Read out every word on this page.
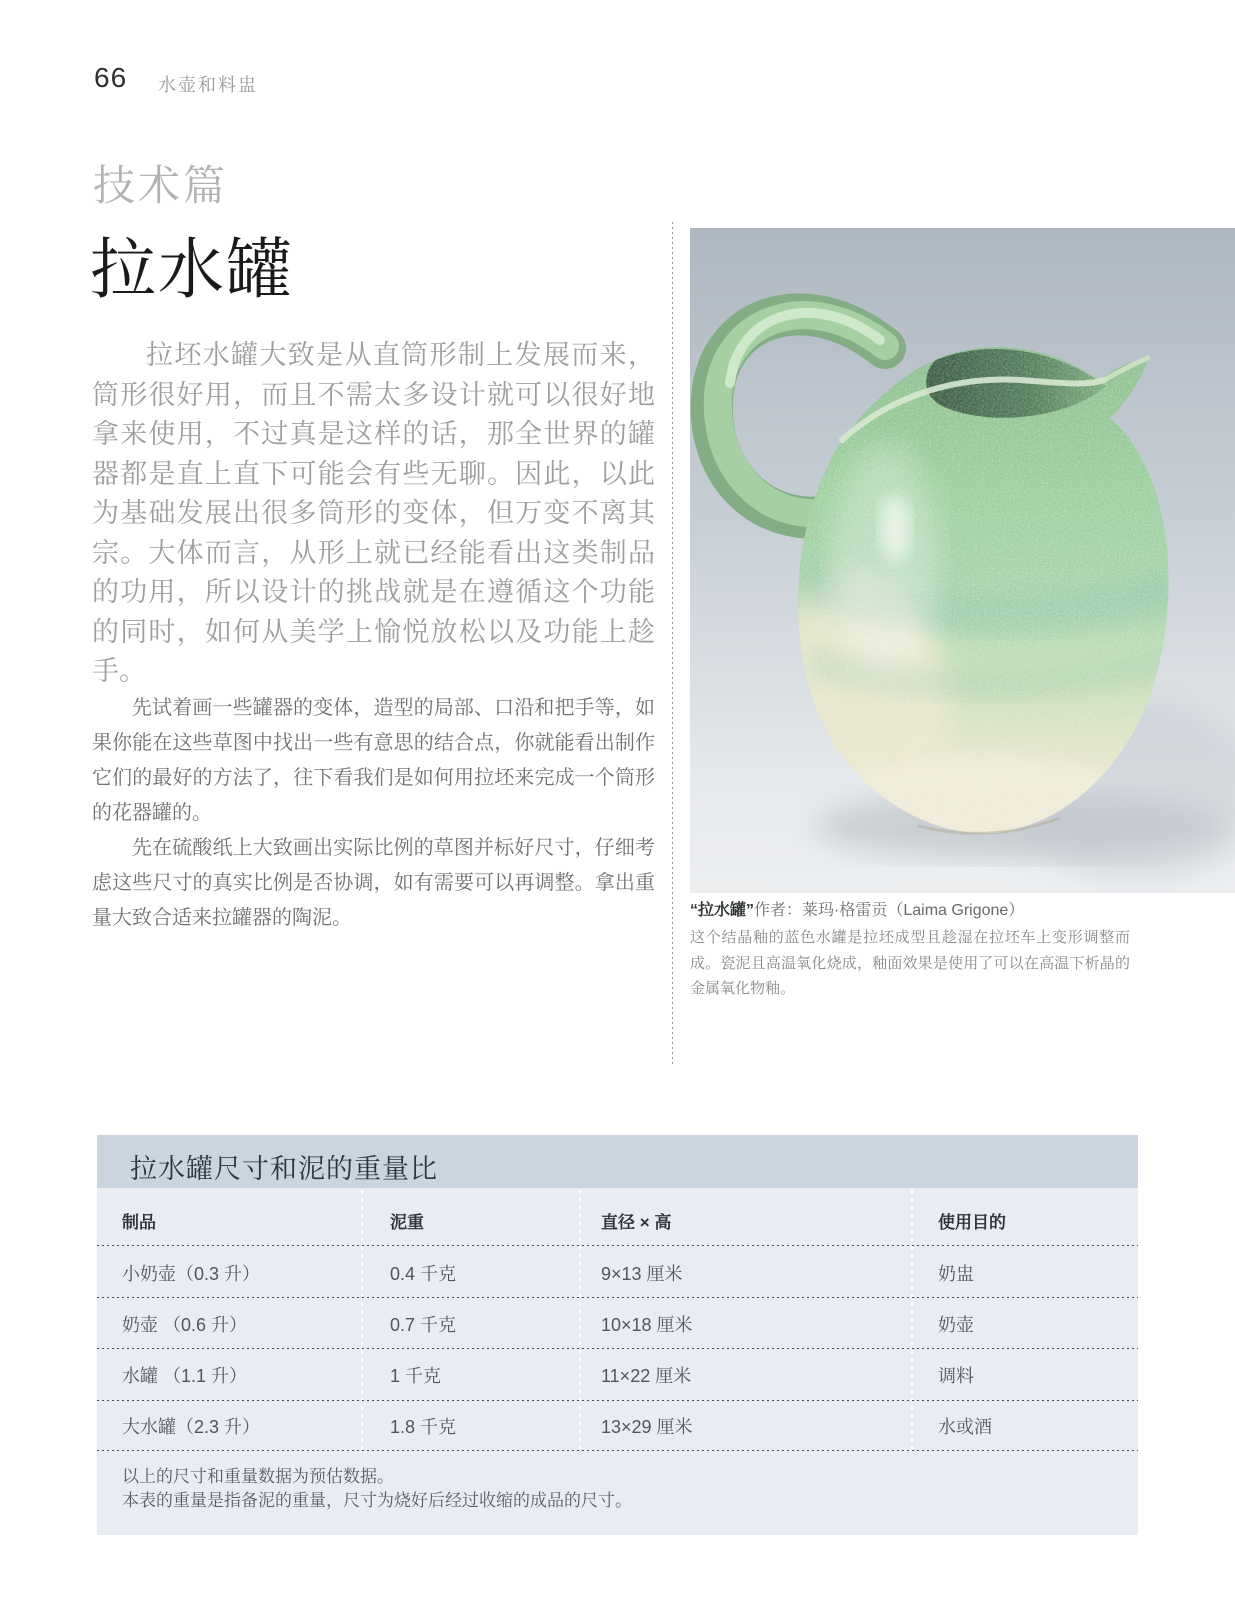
66 水壶和料盅
技术篇
拉水罐
拉坯水罐大致是从直筒形制上发展而来，筒形很好用，而且不需太多设计就可以很好地拿来使用，不过真是这样的话，那全世界的罐器都是直上直下可能会有些无聊。因此，以此为基础发展出很多筒形的变体，但万变不离其宗。大体而言，从形上就已经能看出这类制品的功用，所以设计的挑战就是在遵循这个功能的同时，如何从美学上愉悦放松以及功能上趁手。

先试着画一些罐器的变体，造型的局部、口沿和把手等，如果你能在这些草图中找出一些有意思的结合点，你就能看出制作它们的最好的方法了，往下看我们是如何用拉坯来完成一个筒形的花器罐的。

先在硫酸纸上大致画出实际比例的草图并标好尺寸，仔细考虑这些尺寸的真实比例是否协调，如有需要可以再调整。拿出重量大致合适来拉罐器的陶泥。	“拉水罐”作者：莱玛·格雷贡（Laima Grigone）
这个结晶釉的蓝色水罐是拉坯成型且趁湿在拉坯车上变形调整而成。瓷泥且高温氧化烧成，釉面效果是使用了可以在高温下析晶的金属氧化物釉。
拉水罐尺寸和泥的重量比
制品	泥重	直径 × 高	使用目的
小奶壶（0.3 升）	0.4 千克	9×13 厘米	奶盅
奶壶 （0.6 升）	0.7 千克	10×18 厘米	奶壶
水罐 （1.1 升）	1 千克	11×22 厘米	调料
大水罐（2.3 升）	1.8 千克	13×29 厘米	水或酒
以上的尺寸和重量数据为预估数据。
本表的重量是指备泥的重量，尺寸为烧好后经过收缩的成品的尺寸。
